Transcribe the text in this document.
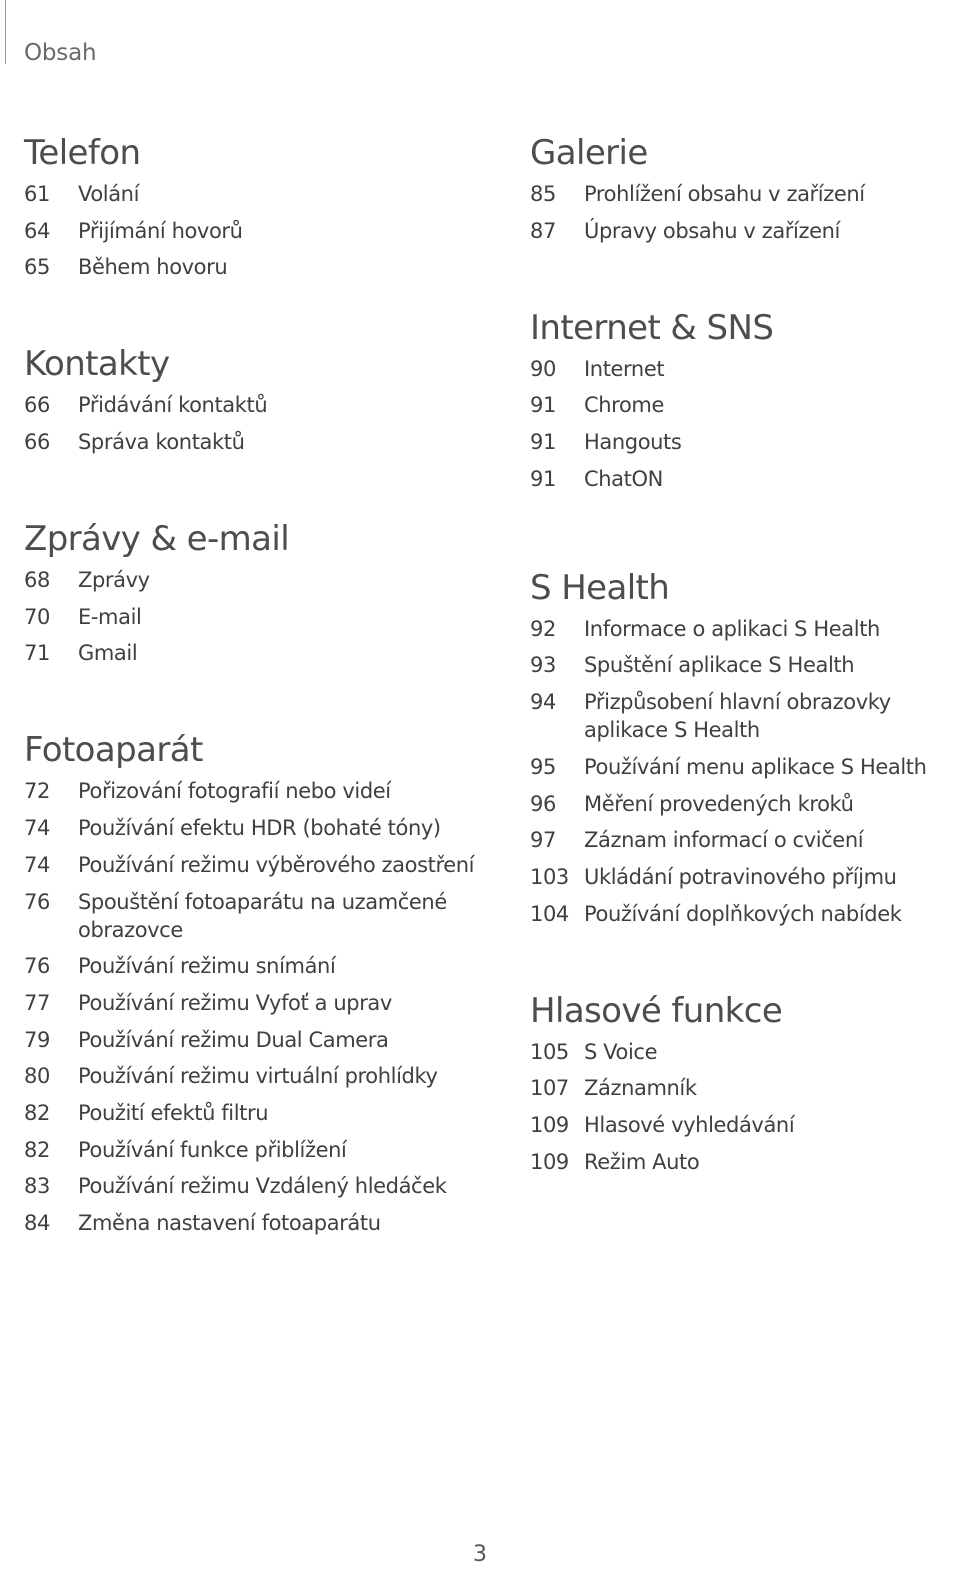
Obsah
Telefon
61	Volání
64	Přijímání hovorů
65	Během hovoru
Kontakty
66	Přidávání kontaktů
66	Správa kontaktů
Zprávy & e-mail
68	Zprávy
70	E-mail
71	Gmail
Fotoaparát
72	Pořizování fotografií nebo videí
74	Používání efektu HDR (bohaté tóny)
74	Používání režimu výběrového zaostření
76	Spouštění fotoaparátu na uzamčené obrazovce
76	Používání režimu snímání
77	Používání režimu Vyfoť a uprav
79	Používání režimu Dual Camera
80	Používání režimu virtuální prohlídky
82	Použití efektů filtru
82	Používání funkce přiblížení
83	Používání režimu Vzdálený hledáček
84	Změna nastavení fotoaparátu
Galerie
85	Prohlížení obsahu v zařízení
87	Úpravy obsahu v zařízení
Internet & SNS
90	Internet
91	Chrome
91	Hangouts
91	ChatON
S Health
92	Informace o aplikaci S Health
93	Spuštění aplikace S Health
94	Přizpůsobení hlavní obrazovky aplikace S Health
95	Používání menu aplikace S Health
96	Měření provedených kroků
97	Záznam informací o cvičení
103 Ukládání potravinového příjmu
104 Používání doplňkových nabídek
Hlasové funkce
105 S Voice
107 Záznamník
109 Hlasové vyhledávání
109 Režim Auto
3
